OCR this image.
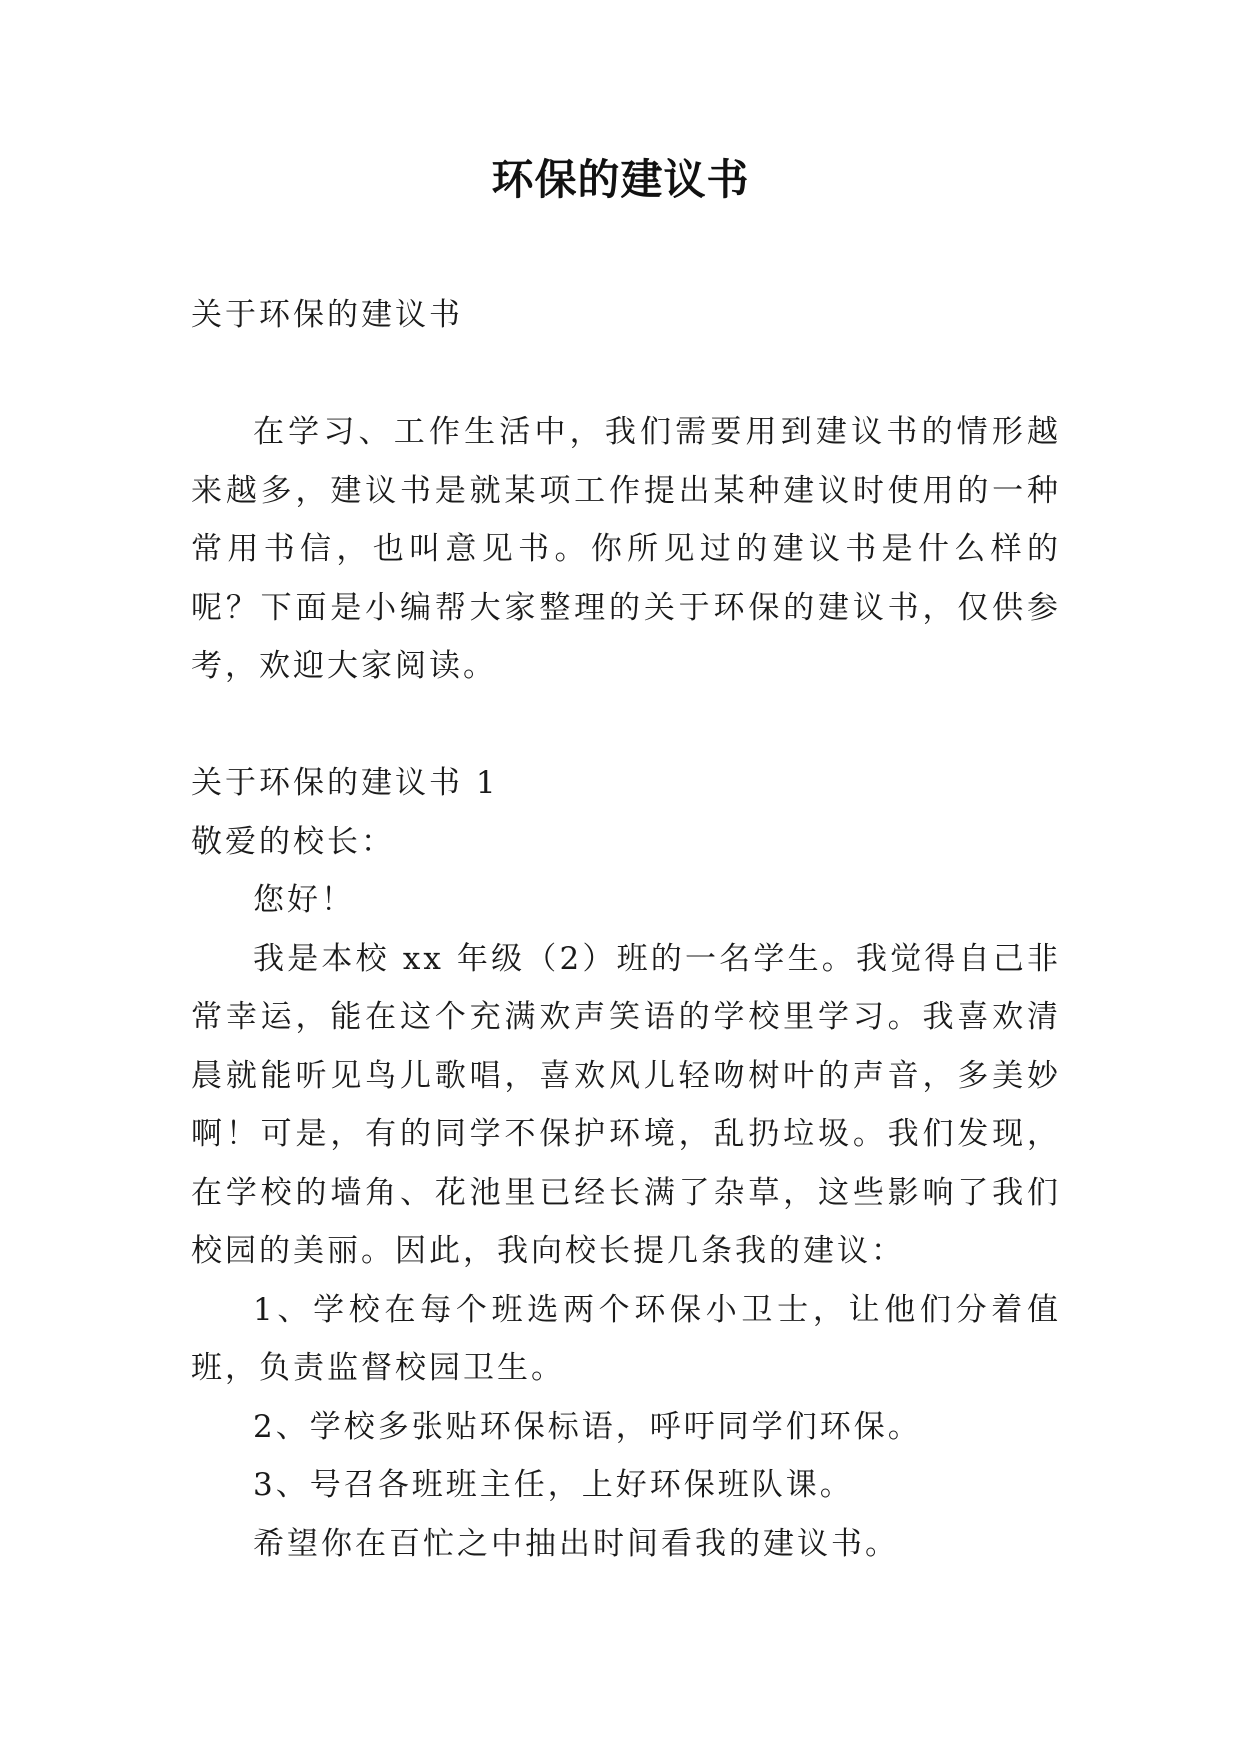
环保的建议书

关于环保的建议书

在学习、工作生活中，我们需要用到建议书的情形越来越多，建议书是就某项工作提出某种建议时使用的一种常用书信，也叫意见书。你所见过的建议书是什么样的呢？下面是小编帮大家整理的关于环保的建议书，仅供参考，欢迎大家阅读。

关于环保的建议书 1

敬爱的校长：

您好！

我是本校 xx 年级（2）班的一名学生。我觉得自己非常幸运，能在这个充满欢声笑语的学校里学习。我喜欢清晨就能听见鸟儿歌唱，喜欢风儿轻吻树叶的声音，多美妙啊！可是，有的同学不保护环境，乱扔垃圾。我们发现，在学校的墙角、花池里已经长满了杂草，这些影响了我们校园的美丽。因此，我向校长提几条我的建议：

1、学校在每个班选两个环保小卫士，让他们分着值班，负责监督校园卫生。

2、学校多张贴环保标语，呼吁同学们环保。

3、号召各班班主任，上好环保班队课。

希望你在百忙之中抽出时间看我的建议书。
